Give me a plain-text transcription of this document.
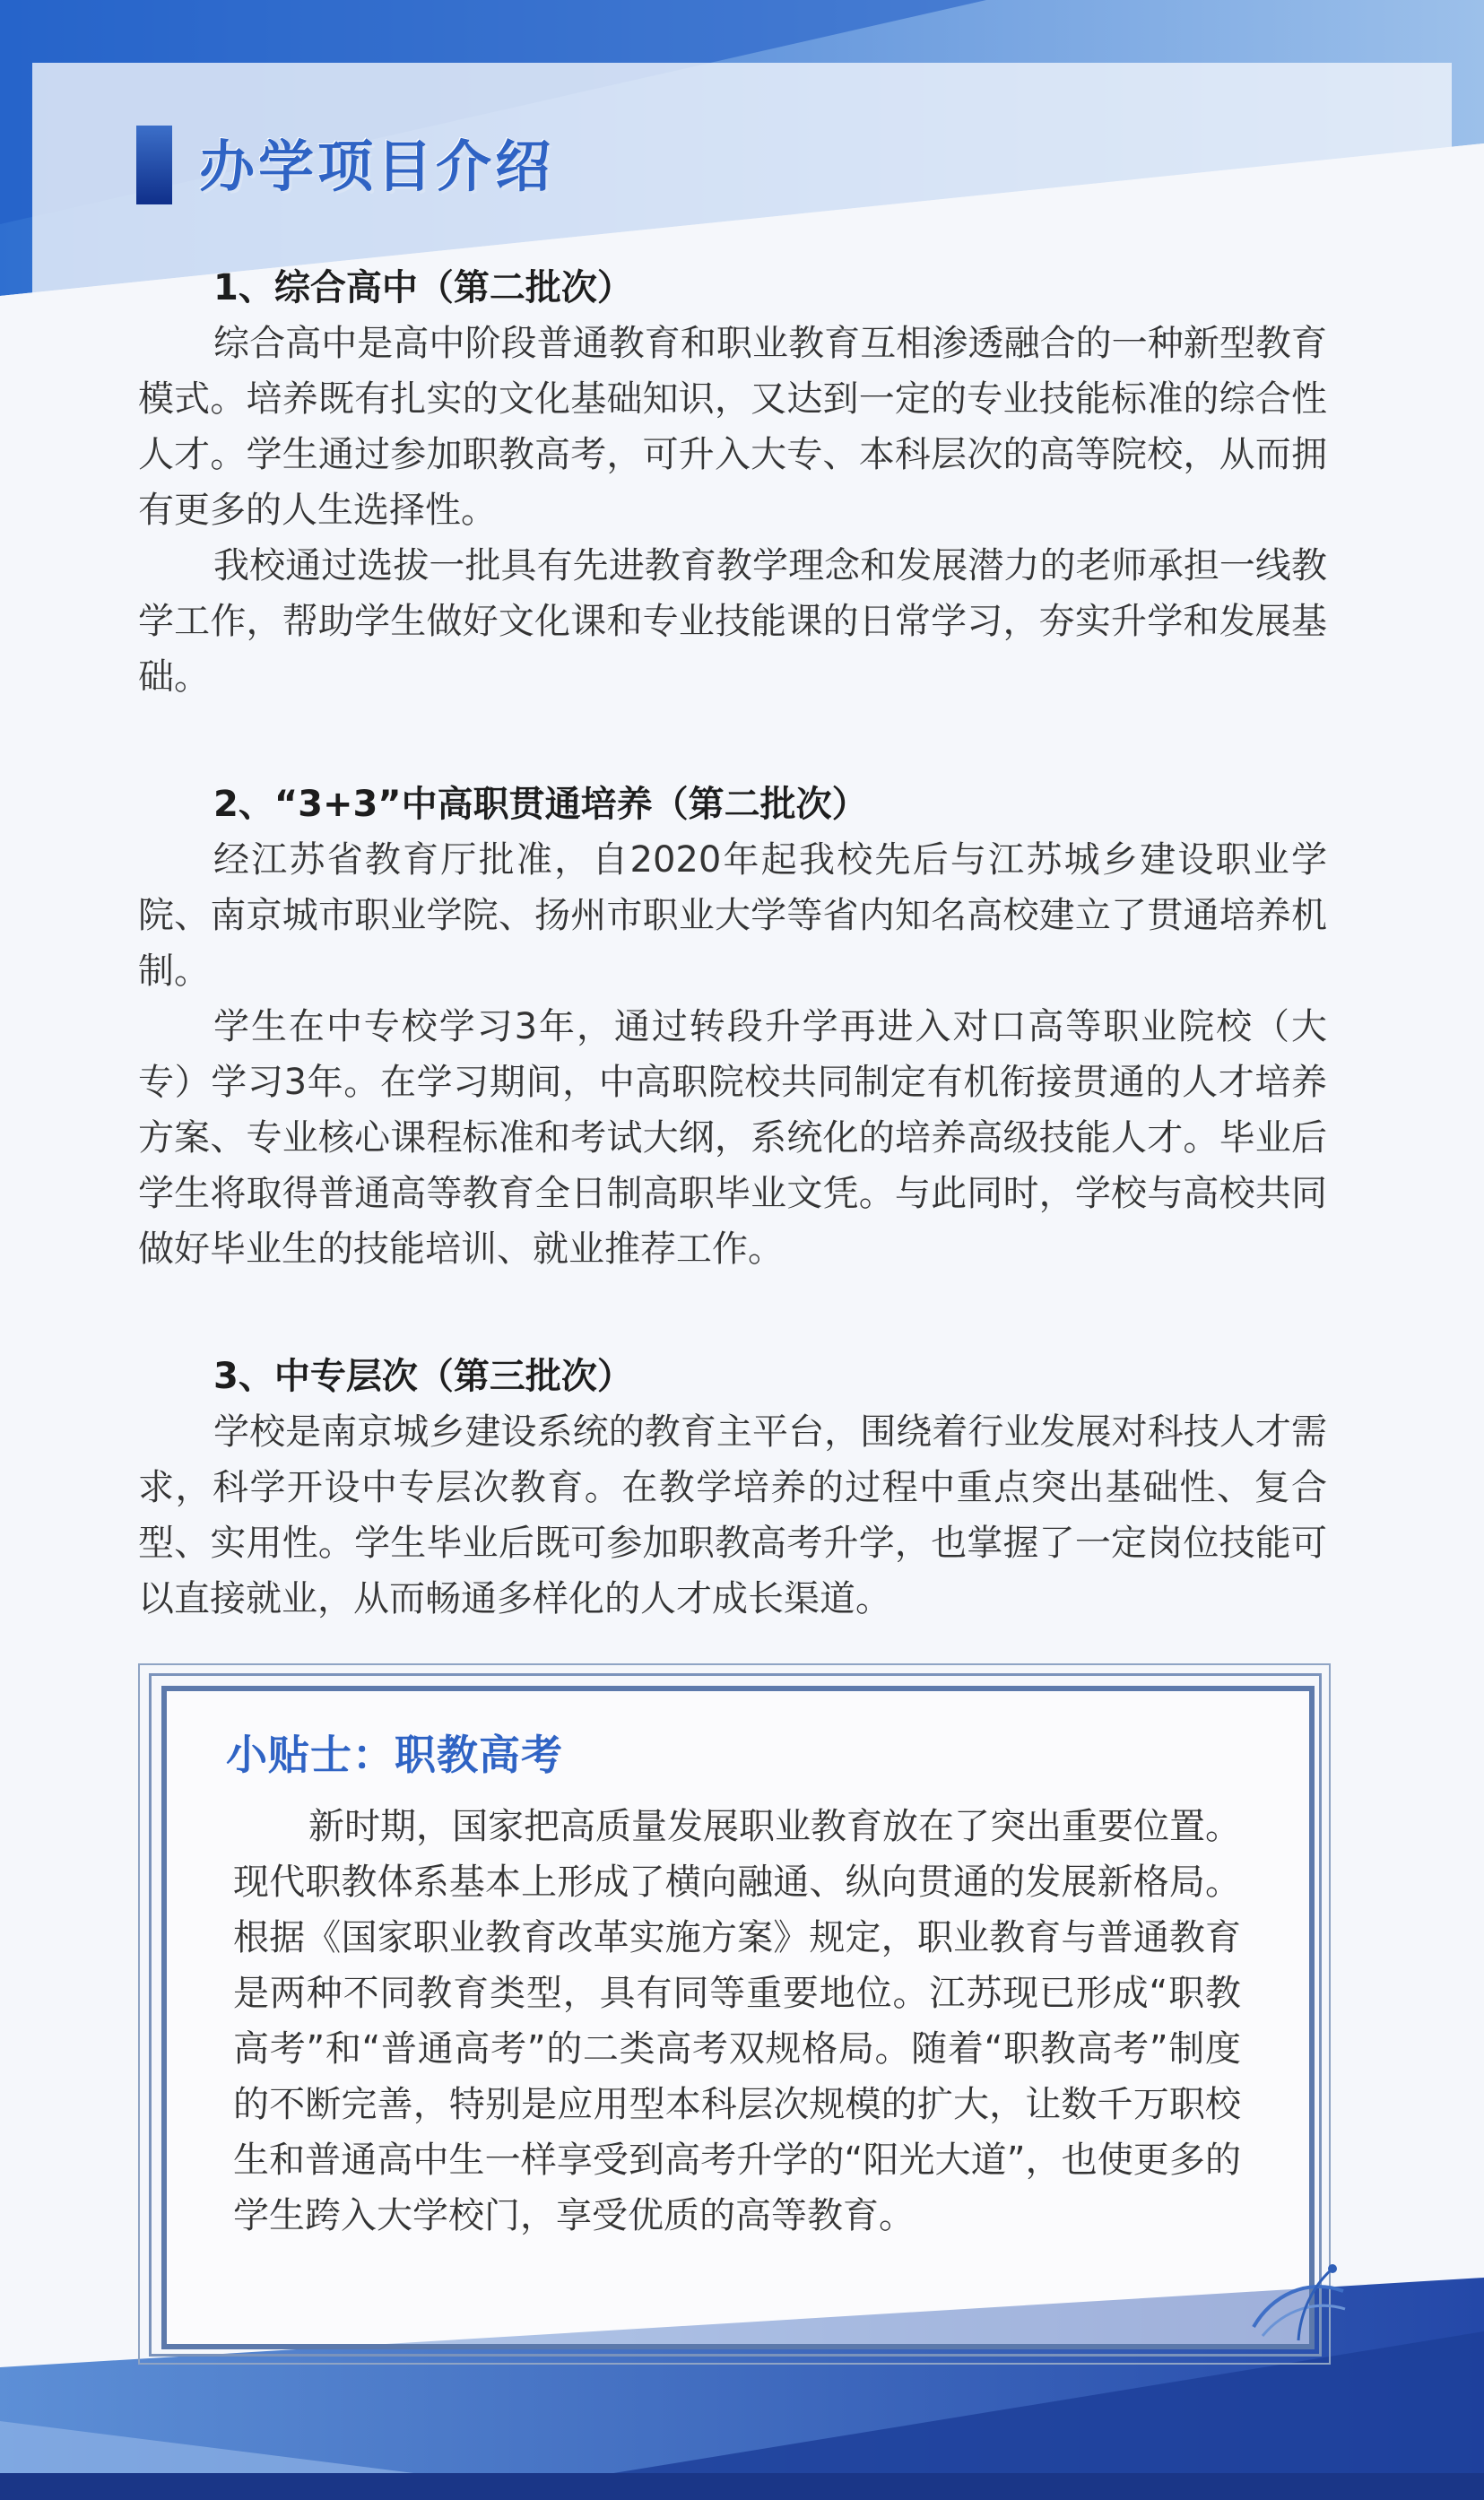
办学项目介绍

1、综合高中（第二批次）

综合高中是高中阶段普通教育和职业教育互相渗透融合的一种新型教育模式。培养既有扎实的文化基础知识，又达到一定的专业技能标准的综合性人才。学生通过参加职教高考，可升入大专、本科层次的高等院校，从而拥有更多的人生选择性。

我校通过选拔一批具有先进教育教学理念和发展潜力的老师承担一线教学工作，帮助学生做好文化课和专业技能课的日常学习，夯实升学和发展基础。

2、“3+3”中高职贯通培养（第二批次）

经江苏省教育厅批准，自2020年起我校先后与江苏城乡建设职业学院、南京城市职业学院、扬州市职业大学等省内知名高校建立了贯通培养机制。

学生在中专校学习3年，通过转段升学再进入对口高等职业院校（大专）学习3年。在学习期间，中高职院校共同制定有机衔接贯通的人才培养方案、专业核心课程标准和考试大纲，系统化的培养高级技能人才。毕业后学生将取得普通高等教育全日制高职毕业文凭。与此同时，学校与高校共同做好毕业生的技能培训、就业推荐工作。

3、中专层次（第三批次）

学校是南京城乡建设系统的教育主平台，围绕着行业发展对科技人才需求，科学开设中专层次教育。在教学培养的过程中重点突出基础性、复合型、实用性。学生毕业后既可参加职教高考升学，也掌握了一定岗位技能可以直接就业，从而畅通多样化的人才成长渠道。

小贴士：职教高考

新时期，国家把高质量发展职业教育放在了突出重要位置。现代职教体系基本上形成了横向融通、纵向贯通的发展新格局。根据《国家职业教育改革实施方案》规定，职业教育与普通教育是两种不同教育类型，具有同等重要地位。江苏现已形成“职教高考”和“普通高考”的二类高考双规格局。随着“职教高考”制度的不断完善，特别是应用型本科层次规模的扩大，让数千万职校生和普通高中生一样享受到高考升学的“阳光大道”，也使更多的学生跨入大学校门，享受优质的高等教育。
